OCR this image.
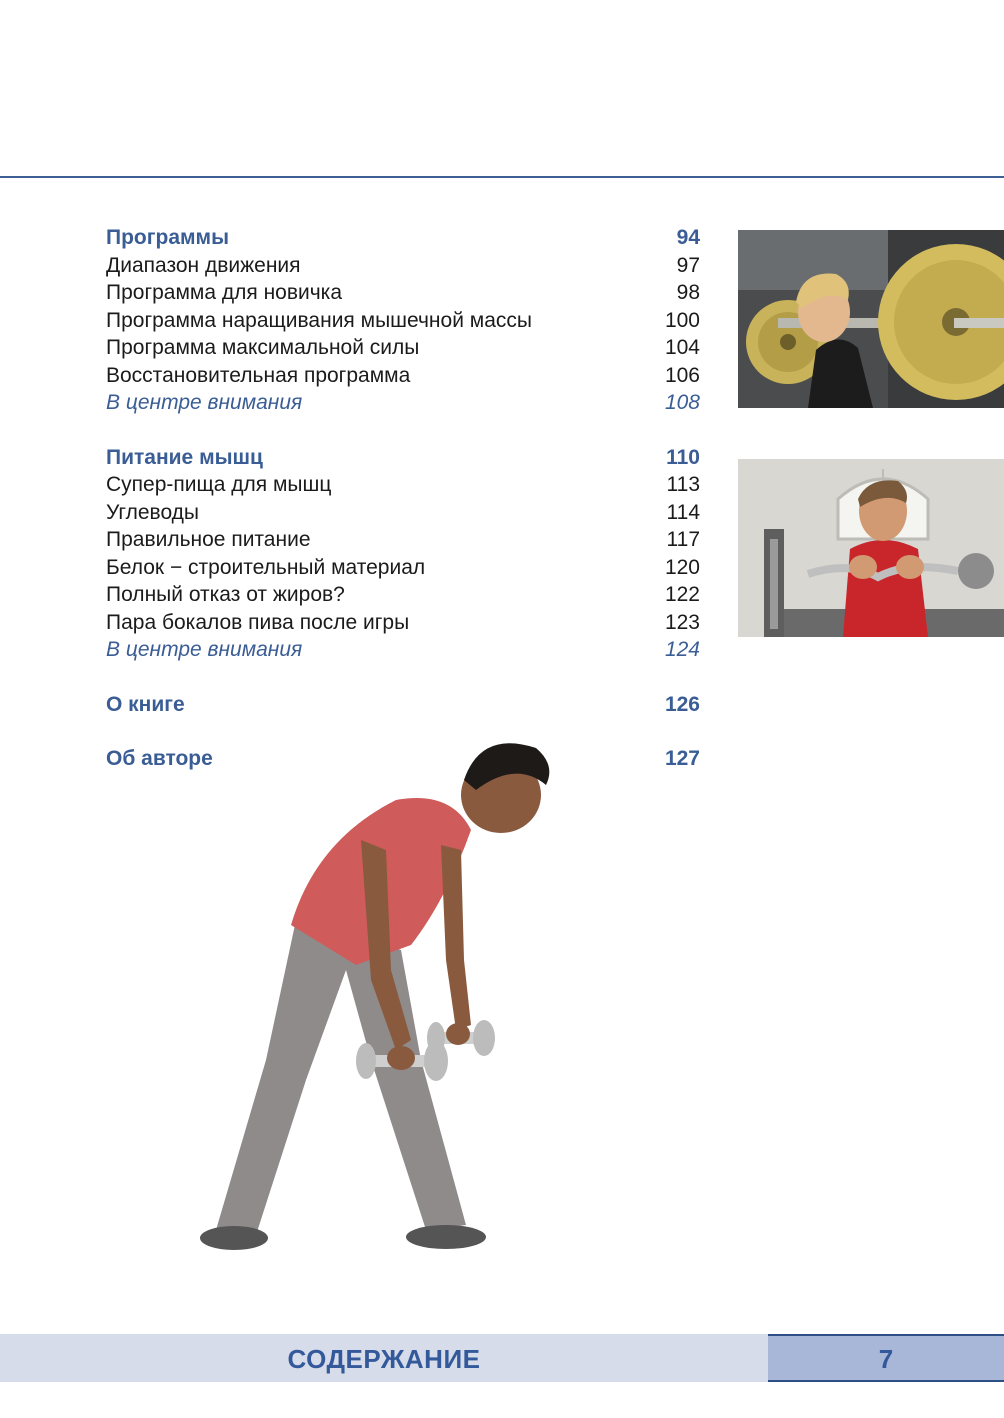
Программы	94
Диапазон движения	97
Программа для новичка	98
Программа наращивания мышечной массы	100
Программа максимальной силы	104
Восстановительная программа	106
В центре внимания	108
Питание мышц	110
Супер-пища для мышц	113
Углеводы	114
Правильное питание	117
Белок − строительный материал	120
Полный отказ от жиров?	122
Пара бокалов пива после игры	123
В центре внимания	124
О книге	126
Об авторе	127
СОДЕРЖАНИЕ	7
